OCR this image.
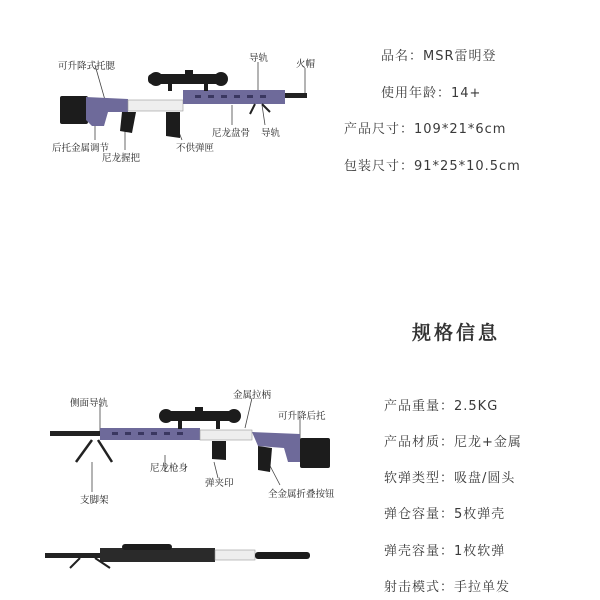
品名：MSR雷明登
使用年龄：14+
产品尺寸：109*21*6cm
包装尺寸：91*25*10.5cm
可升降式托腮
导轨
火帽
后托金属调节
尼龙握把
不供弹匣
尼龙盘骨 导轨
规格信息
侧面导轨
金属拉柄
可升降后托
尼龙枪身
弹夹印
全金属折叠按钮
支脚架
产品重量：2.5KG
产品材质：尼龙+金属
软弹类型：吸盘/圆头
弹仓容量：5枚弹壳
弹壳容量：1枚软弹
射击模式：手拉单发
